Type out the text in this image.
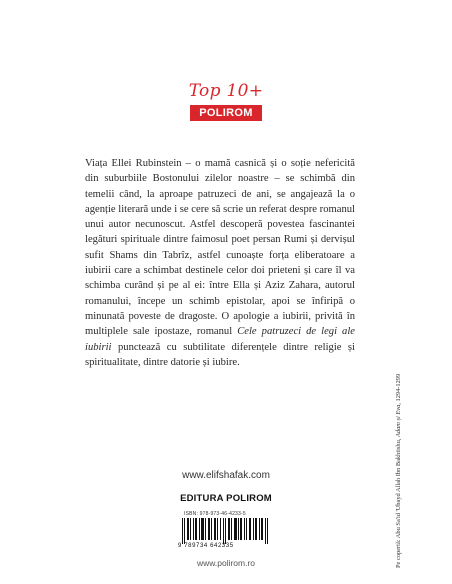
Top 10+
POLIROM

Viața Ellei Rubinstein – o mamă casnică și o soție nefericită din suburbiile Bostonului zilelor noastre – se schimbă din temelii când, la aproape patruzeci de ani, se angajează la o agenție literară unde i se cere să scrie un referat despre romanul unui autor necunoscut. Astfel descoperă povestea fascinantei legături spirituale dintre faimosul poet persan Rumi și dervișul sufit Shams din Tabrîz, astfel cunoaște forța eliberatoare a iubirii care a schimbat destinele celor doi prieteni și care îl va schimba curând și pe al ei: între Ella și Aziz Zahara, autorul romanului, începe un schimb epistolar, apoi se înfiripă o minunată poveste de dragoste. O apologie a iubirii, privită în multiplele sale ipostaze, romanul Cele patruzeci de legi ale iubirii punctează cu subtilitate diferențele dintre religie și spiritualitate, dintre datorie și iubire.

www.elifshafak.com
EDITURA POLIROM
ISBN: 978-973-46-4233-5
9 789734 642335
www.polirom.ro	Pe copertă: Abu Sa'id 'Ubayd Allah Ibn Bakhtishu, Adam și Eva, 1294-1299
